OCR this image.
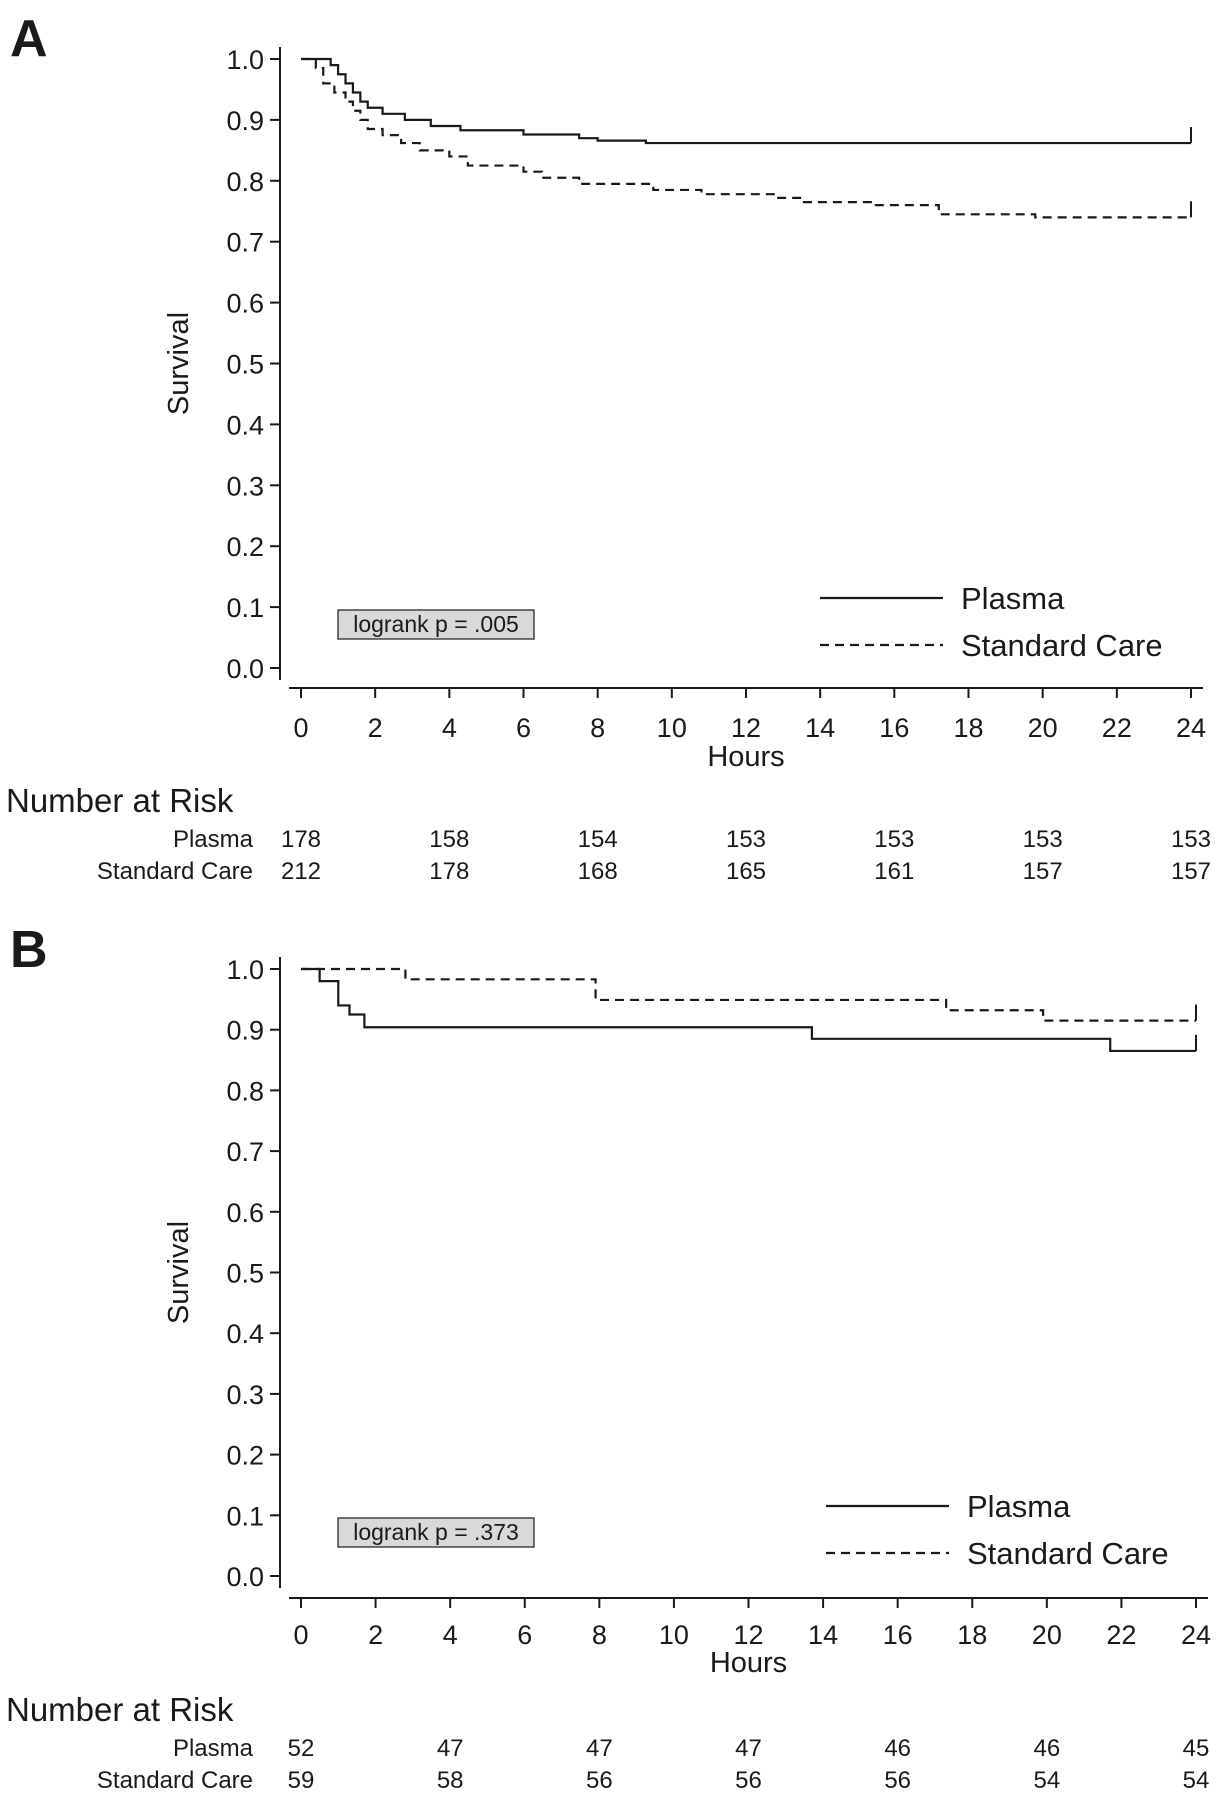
A
0.0
0.1
0.2
0.3
0.4
0.5
0.6
0.7
0.8
0.9
1.0
0 2 4 6 8 10 12 14 16 18 20 22 24
Hours
Survival
logrank p = .005
Plasma
Standard Care
Number at Risk
Plasma 178	158	154	153	153	153	153
Standard Care 212	178	168	165	161	157	157
B
0.0
0.1
0.2
0.3
0.4
0.5
0.6
0.7
0.8
0.9
1.0
0 2 4 6 8 10 12 14 16 18 20 22 24
Hours
Survival
logrank p = .373
Plasma
Standard Care
Number at Risk
Plasma 52	47	47	47	46	46	45
Standard Care 59	58	56	56	56	54	54
